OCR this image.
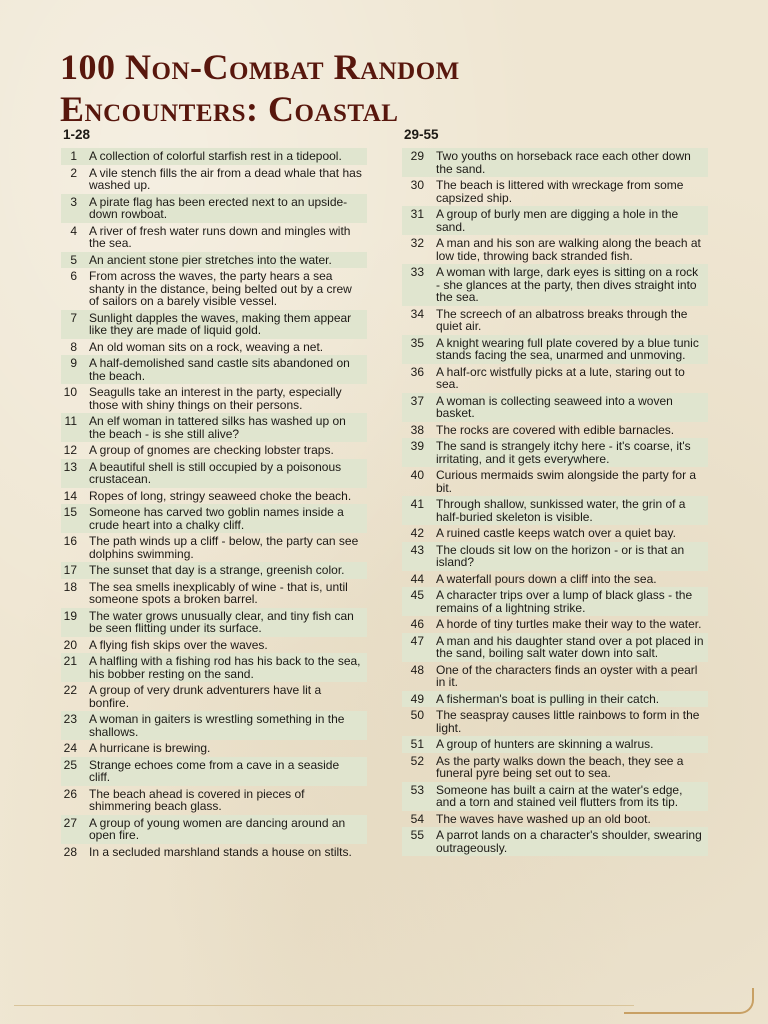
100 Non-Combat Random
Encounters: Coastal
1-28
1	A collection of colorful starfish rest in a tidepool.
2	A vile stench fills the air from a dead whale that has washed up.
3	A pirate flag has been erected next to an upside-down rowboat.
4	A river of fresh water runs down and mingles with the sea.
5	An ancient stone pier stretches into the water.
6	From across the waves, the party hears a sea shanty in the distance, being belted out by a crew of sailors on a barely visible vessel.
7	Sunlight dapples the waves, making them appear like they are made of liquid gold.
8	An old woman sits on a rock, weaving a net.
9	A half-demolished sand castle sits abandoned on the beach.
10	Seagulls take an interest in the party, especially those with shiny things on their persons.
11	An elf woman in tattered silks has washed up on the beach - is she still alive?
12	A group of gnomes are checking lobster traps.
13	A beautiful shell is still occupied by a poisonous crustacean.
14	Ropes of long, stringy seaweed choke the beach.
15	Someone has carved two goblin names inside a crude heart into a chalky cliff.
16	The path winds up a cliff - below, the party can see dolphins swimming.
17	The sunset that day is a strange, greenish color.
18	The sea smells inexplicably of wine - that is, until someone spots a broken barrel.
19	The water grows unusually clear, and tiny fish can be seen flitting under its surface.
20	A flying fish skips over the waves.
21	A halfling with a fishing rod has his back to the sea, his bobber resting on the sand.
22	A group of very drunk adventurers have lit a bonfire.
23	A woman in gaiters is wrestling something in the shallows.
24	A hurricane is brewing.
25	Strange echoes come from a cave in a seaside cliff.
26	The beach ahead is covered in pieces of shimmering beach glass.
27	A group of young women are dancing around an open fire.
28	In a secluded marshland stands a house on stilts.
29-55
29	Two youths on horseback race each other down the sand.
30	The beach is littered with wreckage from some capsized ship.
31	A group of burly men are digging a hole in the sand.
32	A man and his son are walking along the beach at low tide, throwing back stranded fish.
33	A woman with large, dark eyes is sitting on a rock - she glances at the party, then dives straight into the sea.
34	The screech of an albatross breaks through the quiet air.
35	A knight wearing full plate covered by a blue tunic stands facing the sea, unarmed and unmoving.
36	A half-orc wistfully picks at a lute, staring out to sea.
37	A woman is collecting seaweed into a woven basket.
38	The rocks are covered with edible barnacles.
39	The sand is strangely itchy here - it's coarse, it's irritating, and it gets everywhere.
40	Curious mermaids swim alongside the party for a bit.
41	Through shallow, sunkissed water, the grin of a half-buried skeleton is visible.
42	A ruined castle keeps watch over a quiet bay.
43	The clouds sit low on the horizon - or is that an island?
44	A waterfall pours down a cliff into the sea.
45	A character trips over a lump of black glass - the remains of a lightning strike.
46	A horde of tiny turtles make their way to the water.
47	A man and his daughter stand over a pot placed in the sand, boiling salt water down into salt.
48	One of the characters finds an oyster with a pearl in it.
49	A fisherman's boat is pulling in their catch.
50	The seaspray causes little rainbows to form in the light.
51	A group of hunters are skinning a walrus.
52	As the party walks down the beach, they see a funeral pyre being set out to sea.
53	Someone has built a cairn at the water's edge, and a torn and stained veil flutters from its tip.
54	The waves have washed up an old boot.
55	A parrot lands on a character's shoulder, swearing outrageously.
